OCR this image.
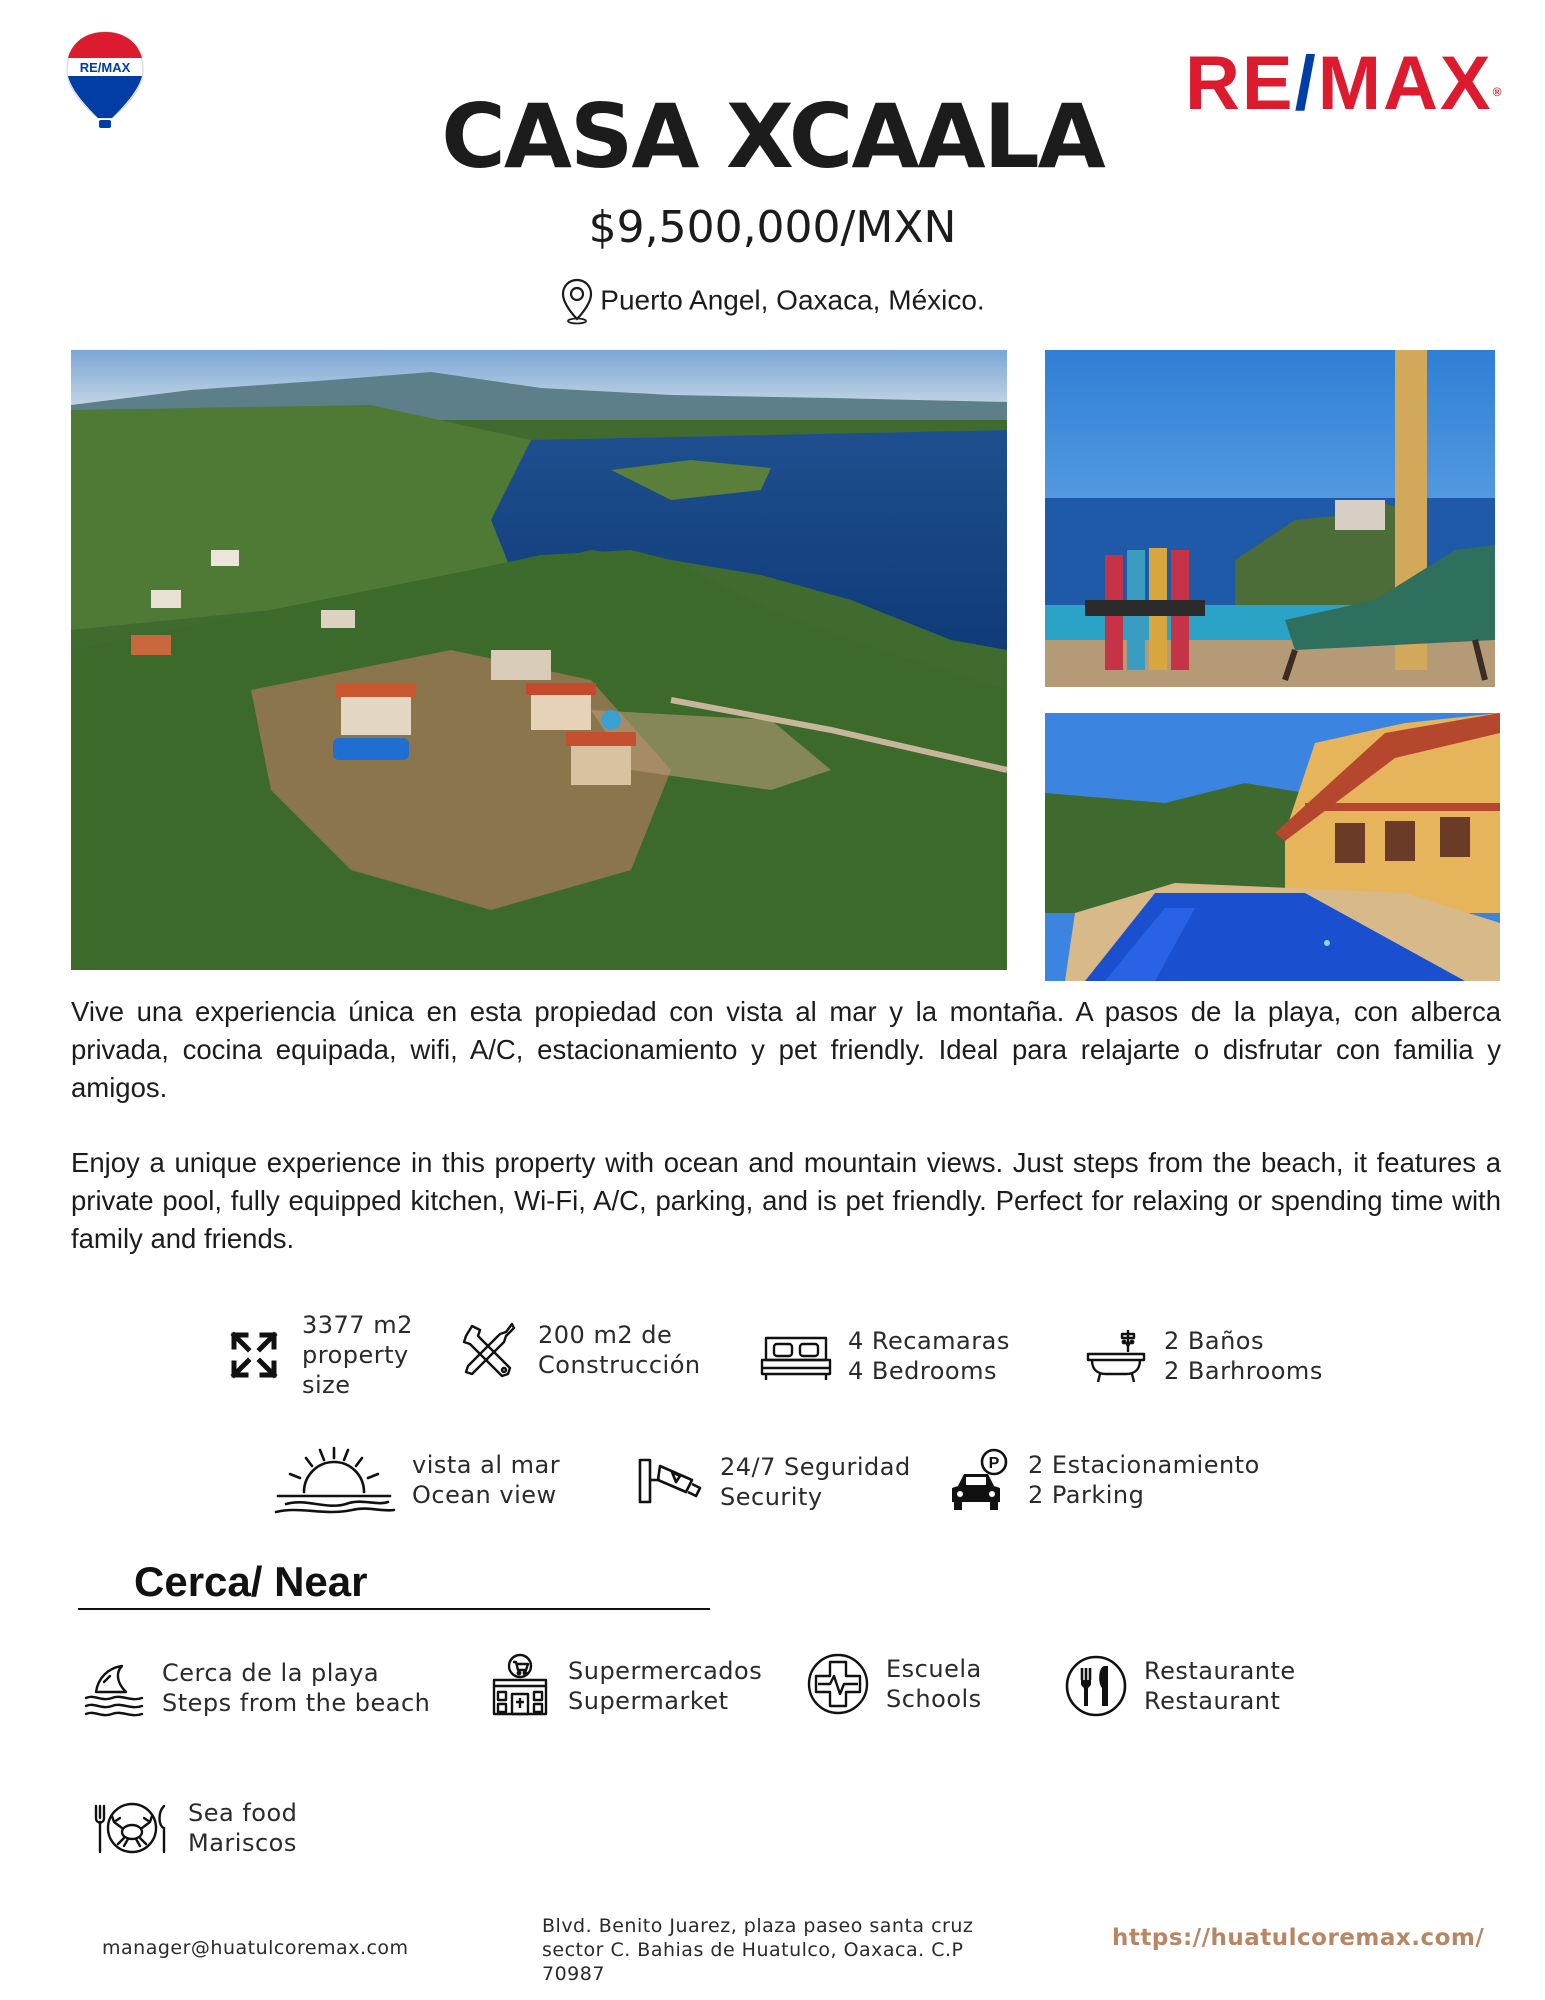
RE/MAX	RE/MAX®
CASA XCAALA
$9,500,000/MXN
Puerto Angel, Oaxaca, México.

Vive una experiencia única en esta propiedad con vista al mar y la montaña. A pasos de la playa, con alberca privada, cocina equipada, wifi, A/C, estacionamiento y pet friendly. Ideal para relajarte o disfrutar con familia y amigos.

Enjoy a unique experience in this property with ocean and mountain views. Just steps from the beach, it features a private pool, fully equipped kitchen, Wi-Fi, A/C, parking, and is pet friendly. Perfect for relaxing or spending time with family and friends.

3377 m2
property
size
200 m2 de
Construcción
4 Recamaras
4 Bedrooms
2 Baños
2 Barhrooms
vista al mar
Ocean view
24/7 Seguridad
Security
P 2 Estacionamiento
2 Parking
Cerca/ Near
Cerca de la playa
Steps from the beach
Supermercados
Supermarket
Escuela
Schools
Restaurante
Restaurant
Sea food
Mariscos
manager@huatulcoremax.com
Blvd. Benito Juarez, plaza paseo santa cruz
sector C. Bahias de Huatulco, Oaxaca. C.P
70987
https://huatulcoremax.com/
